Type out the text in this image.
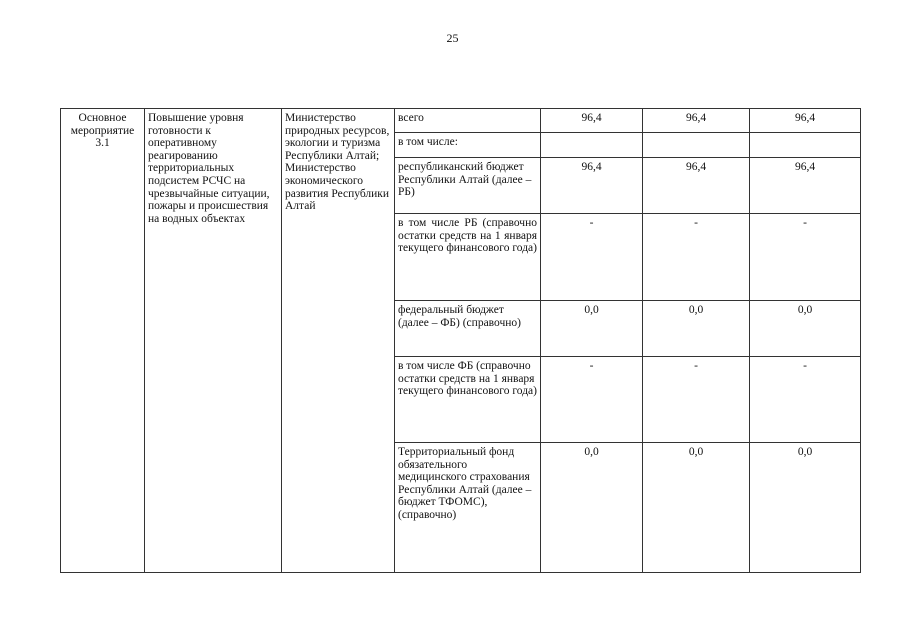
25
Основное мероприятие 3.1	Повышение уровня готовности к оперативному реагированию территориальных подсистем РСЧС на чрезвычайные ситуации, пожары и происшествия на водных объектах	Министерство природных ресурсов, экологии и туризма Республики Алтай; Министерство экономического развития Республики Алтай	всего	96,4	96,4	96,4
			в том числе:			
			республиканский бюджет Республики Алтай (далее – РБ)	96,4	96,4	96,4

			в том числе РБ (справочно остатки средств на 1 января текущего финансового года)	-	-	-
			федеральный бюджет (далее – ФБ) (справочно)	0,0	0,0	0,0
			в том числе ФБ (справочно остатки средств на 1 января текущего финансового года)	-	-	-
			Территориальный фонд обязательного медицинского страхования Республики Алтай (далее – бюджет ТФОМС), (справочно)	0,0	0,0	0,0
